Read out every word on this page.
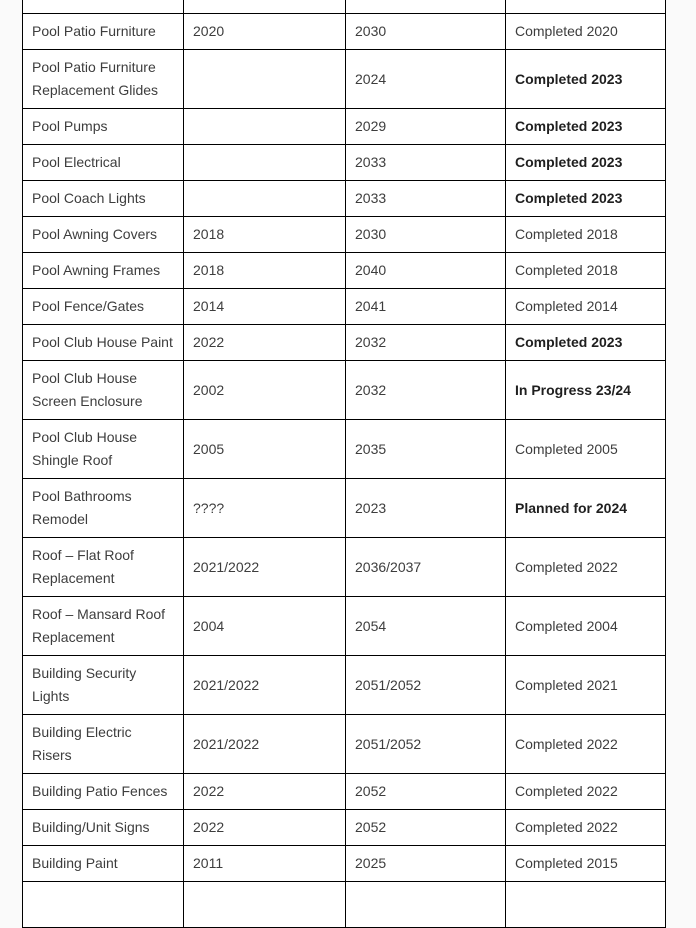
Pool Patio Furniture	2020	2030	Completed 2020
Pool Patio Furniture Replacement Glides		2024	Completed 2023
Pool Pumps		2029	Completed 2023
Pool Electrical		2033	Completed 2023
Pool Coach Lights		2033	Completed 2023
Pool Awning Covers	2018	2030	Completed 2018
Pool Awning Frames	2018	2040	Completed 2018
Pool Fence/Gates	2014	2041	Completed 2014
Pool Club House Paint	2022	2032	Completed 2023
Pool Club House Screen Enclosure	2002	2032	In Progress 23/24
Pool Club House Shingle Roof	2005	2035	Completed 2005
Pool Bathrooms Remodel	????	2023	Planned for 2024
Roof – Flat Roof Replacement	2021/2022	2036/2037	Completed 2022
Roof – Mansard Roof Replacement	2004	2054	Completed 2004
Building Security Lights	2021/2022	2051/2052	Completed 2021
Building Electric Risers	2021/2022	2051/2052	Completed 2022
Building Patio Fences	2022	2052	Completed 2022
Building/Unit Signs	2022	2052	Completed 2022
Building Paint	2011	2025	Completed 2015
